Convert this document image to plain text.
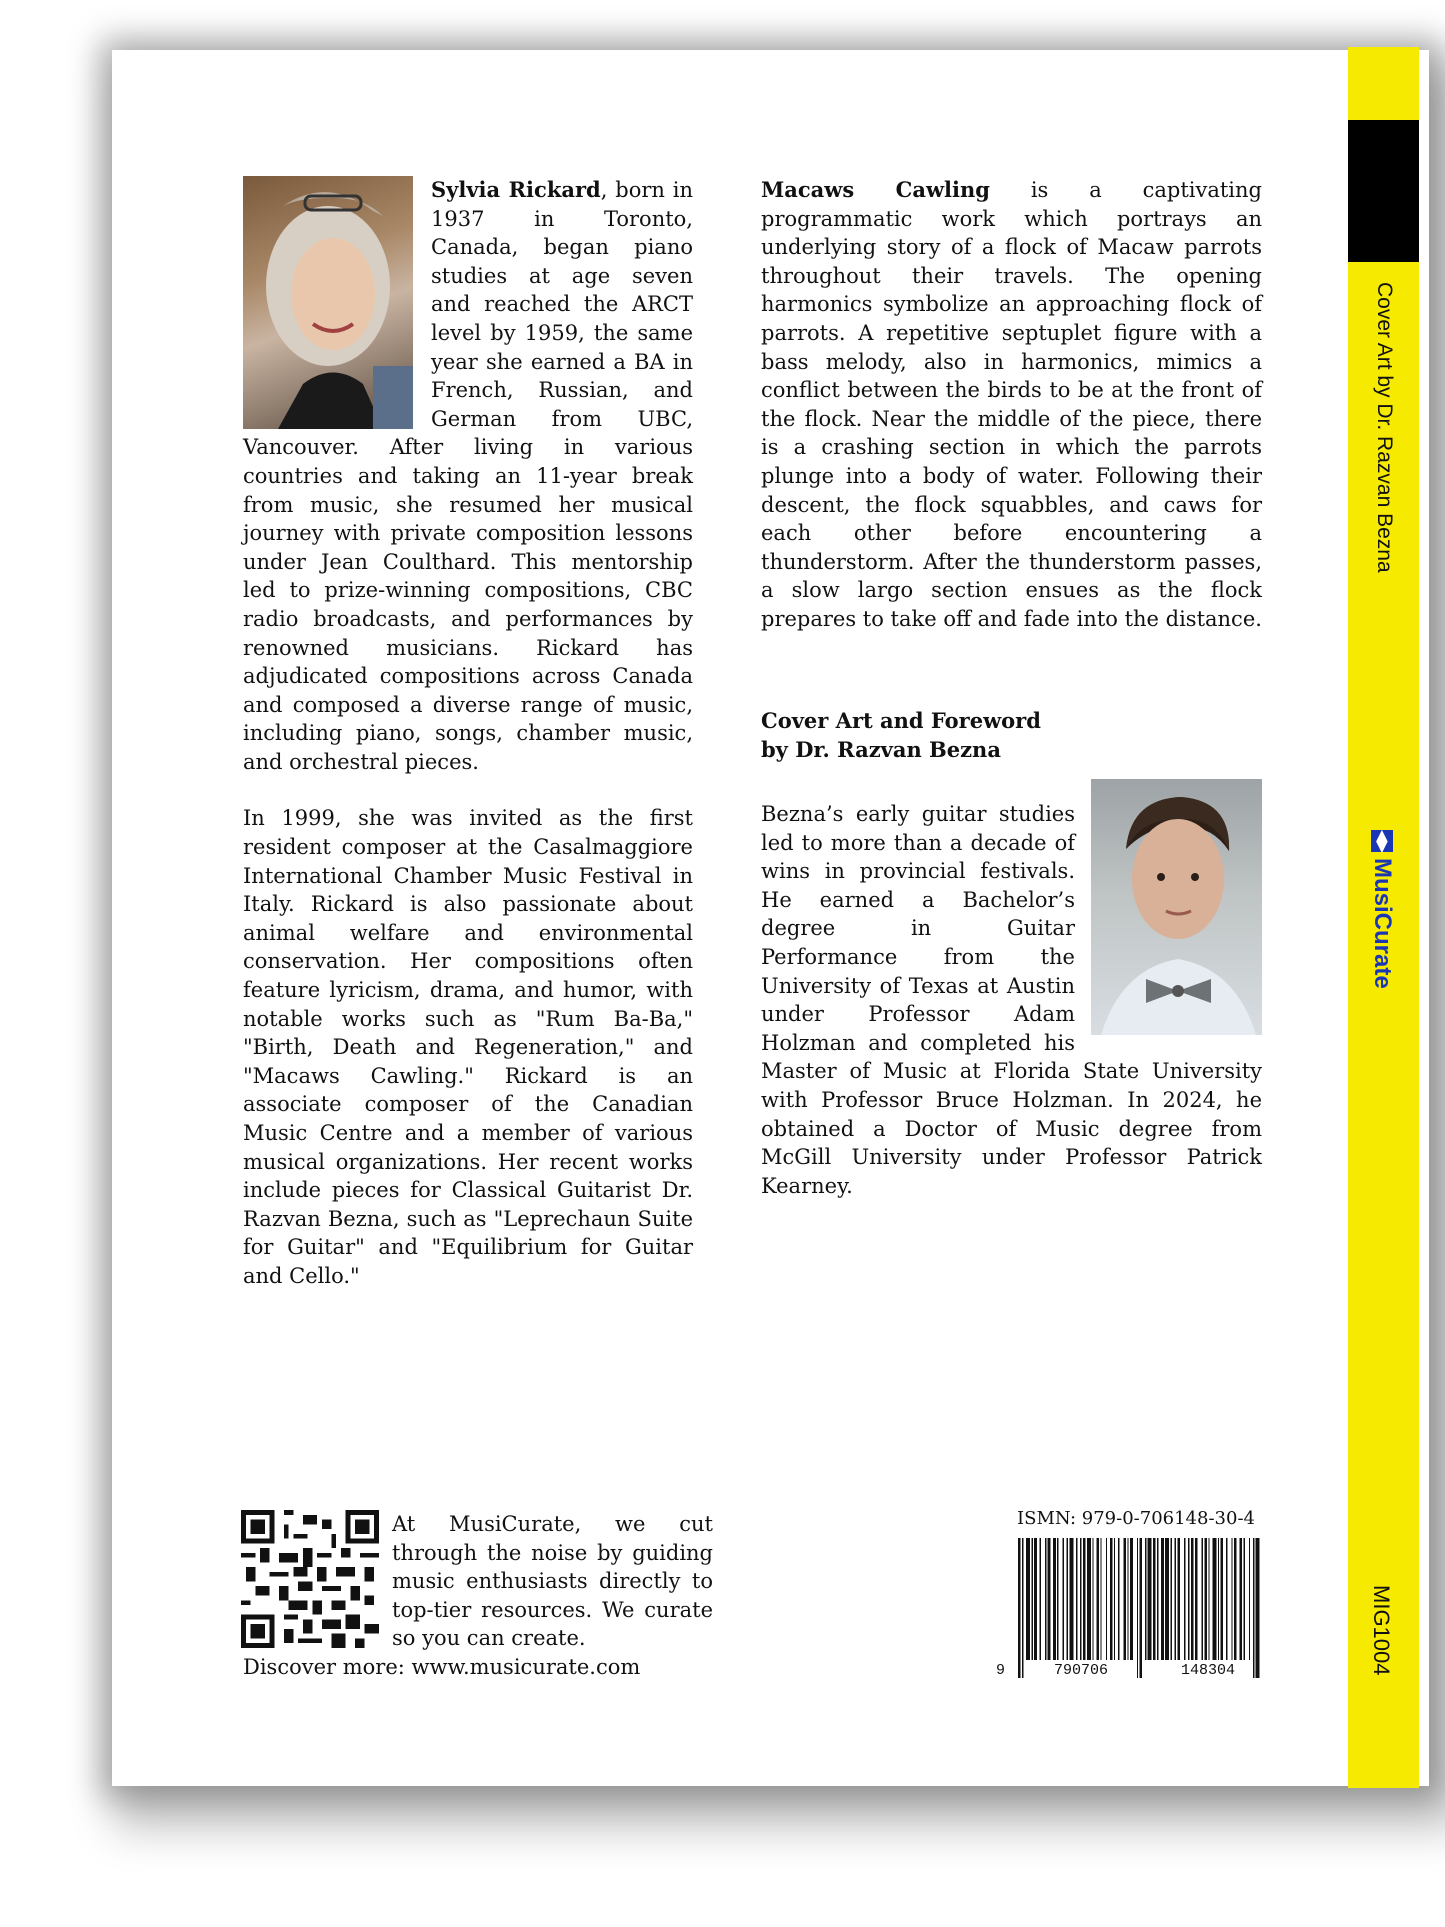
Cover Art by Dr. Razvan Bezna
◀▶
MusiCurate
MIG1004

Sylvia Rickard, born in 1937 in Toronto, Canada, began piano studies at age seven and reached the ARCT level by 1959, the same year she earned a BA in French, Russian, and German from UBC, Vancouver. After living in various countries and taking an 11-year break from music, she resumed her musical journey with private composition lessons under Jean Coulthard. This mentorship led to prize-winning compositions, CBC radio broadcasts, and performances by renowned musicians. Rickard has adjudicated compositions across Canada and composed a diverse range of music, including piano, songs, chamber music, and orchestral pieces.

In 1999, she was invited as the first resident composer at the Casalmaggiore International Chamber Music Festival in Italy. Rickard is also passionate about animal welfare and environmental conservation. Her compositions often feature lyricism, drama, and humor, with notable works such as "Rum Ba-Ba," "Birth, Death and Regeneration," and "Macaws Cawling." Rickard is an associate composer of the Canadian Music Centre and a member of various musical organizations. Her recent works include pieces for Classical Guitarist Dr. Razvan Bezna, such as "Leprechaun Suite for Guitar" and "Equilibrium for Guitar and Cello."

Macaws Cawling is a captivating programmatic work which portrays an underlying story of a flock of Macaw parrots throughout their travels. The opening harmonics symbolize an approaching flock of parrots. A repetitive septuplet figure with a bass melody, also in harmonics, mimics a conflict between the birds to be at the front of the flock. Near the middle of the piece, there is a crashing section in which the parrots plunge into a body of water. Following their descent, the flock squabbles, and caws for each other before encountering a thunderstorm. After the thunderstorm passes, a slow largo section ensues as the flock prepares to take off and fade into the distance.

Cover Art and Foreword
by Dr. Razvan Bezna

Bezna’s early guitar studies led to more than a decade of wins in provincial festivals. He earned a Bachelor’s degree in Guitar Performance from the University of Texas at Austin under Professor Adam Holzman and completed his Master of Music at Florida State University with Professor Bruce Holzman. In 2024, he obtained a Doctor of Music degree from McGill University under Professor Patrick Kearney.

At MusiCurate, we cut through the noise by guiding music enthusiasts directly to top-tier resources. We curate so you can create.
Discover more: www.musicurate.com
ISMN: 979-0-706148-30-4
9	790706	148304
